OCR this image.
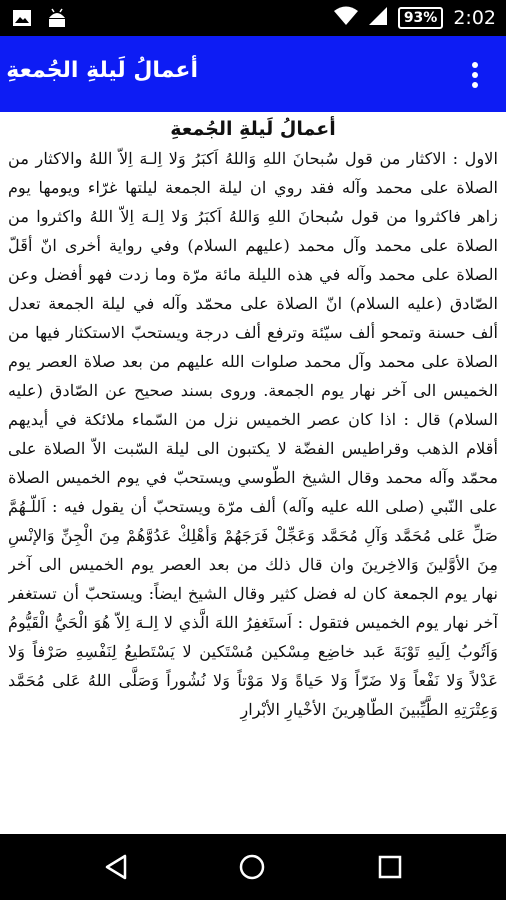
93% 2:02
أعمالُ لَيلةِ الجُمعةِ
أعمالُ لَيلةِ الجُمعةِ

الاول : الاكثار من قول سُبحانَ اللهِ وَاللهُ اَكبَرُ وَلا اِلـهَ اِلاّ اللهُ والاكثار من الصلاة على محمد وآله فقد روي ان ليلة الجمعة ليلتها غرّاء ويومها يوم زاهر فاكثروا من قول سُبحانَ اللهِ وَاللهُ اَكبَرُ وَلا اِلـهَ اِلاّ اللهُ واكثروا من الصلاة على محمد وآل محمد (عليهم السلام) وفي رواية أخرى انّ أقَلّ الصلاة على محمد وآله في هذه الليلة مائة مرّة وما زدت فهو أفضل وعن الصّادق (عليه السلام) انّ الصلاة على محمّد وآله في ليلة الجمعة تعدل ألف حسنة وتمحو ألف سيّئة وترفع ألف درجة ويستحبّ الاستكثار فيها من الصلاة على محمد وآل محمد صلوات الله عليهم من بعد صلاة العصر يوم الخميس الى آخر نهار يوم الجمعة. وروى بسند صحيح عن الصّادق (عليه السلام) قال : اذا كان عصر الخميس نزل من السّماء ملائكة في أيديهم أقلام الذهب وقراطيس الفضّة لا يكتبون الى ليلة السّبت الاّ الصلاة على محمّد وآله محمد وقال الشيخ الطّوسي ويستحبّ في يوم الخميس الصلاة على النّبي (صلى الله عليه وآله) ألف مرّة ويستحبّ أن يقول فيه : اَللّـهُمَّ صَلِّ عَلى مُحَمَّد وَآلِ مُحَمَّد وَعَجِّلْ فَرَجَهُمْ وَأهْلِكْ عَدُوَّهُمْ مِنَ الْجِنِّ وَالإنْسِ مِنَ الأوَّلينَ وَالاخِرينَ وان قال ذلك من بعد العصر يوم الخميس الى آخر نهار يوم الجمعة كان له فضل كثير وقال الشيخ ايضاً: ويستحبّ أن تستغفر آخر نهار يوم الخميس فتقول : اَستَغفِرُ اللهَ الَّذي لا اِلـهَ اِلاّ هُوَ الْحَيُّ الْقَيُّومُ وَاَتُوبُ اِلَيهِ تَوْبَةَ عَبد خاضِع مِسْكين مُسْتَكين لا يَسْتَطيعُ لِنَفْسِهِ صَرْفاً وَلا عَدْلاً وَلا نَفْعاً وَلا ضَرّاً وَلا حَياةً وَلا مَوْتاً وَلا نُشُوراً وَصَلَّى اللهُ عَلى مُحَمَّد وَعِتْرَتِهِ الطَّيِّبينَ الطّاهِرينَ الأخْيارِ الأبْرارِ
